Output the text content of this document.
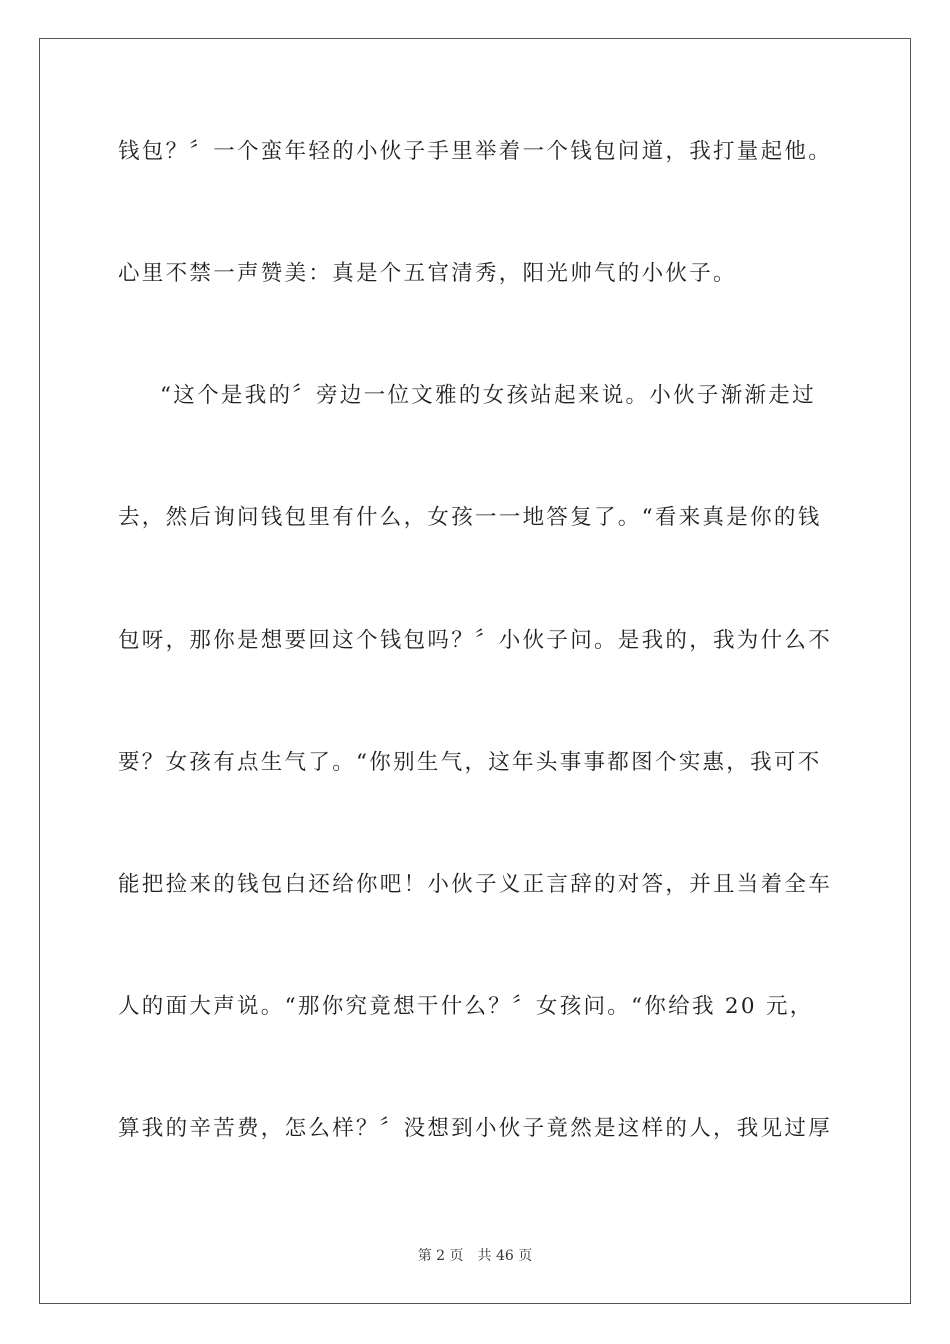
钱包？〞一个蛮年轻的小伙子手里举着一个钱包问道，我打量起他。
心里不禁一声赞美：真是个五官清秀，阳光帅气的小伙子。
“这个是我的〞旁边一位文雅的女孩站起来说。小伙子渐渐走过
去，然后询问钱包里有什么，女孩一一地答复了。“看来真是你的钱
包呀，那你是想要回这个钱包吗？〞小伙子问。是我的，我为什么不
要？女孩有点生气了。“你别生气，这年头事事都图个实惠，我可不
能把捡来的钱包白还给你吧！小伙子义正言辞的对答，并且当着全车
人的面大声说。“那你究竟想干什么？〞女孩问。“你给我 20 元，
算我的辛苦费，怎么样？〞没想到小伙子竟然是这样的人，我见过厚
第 2 页 共 46 页
